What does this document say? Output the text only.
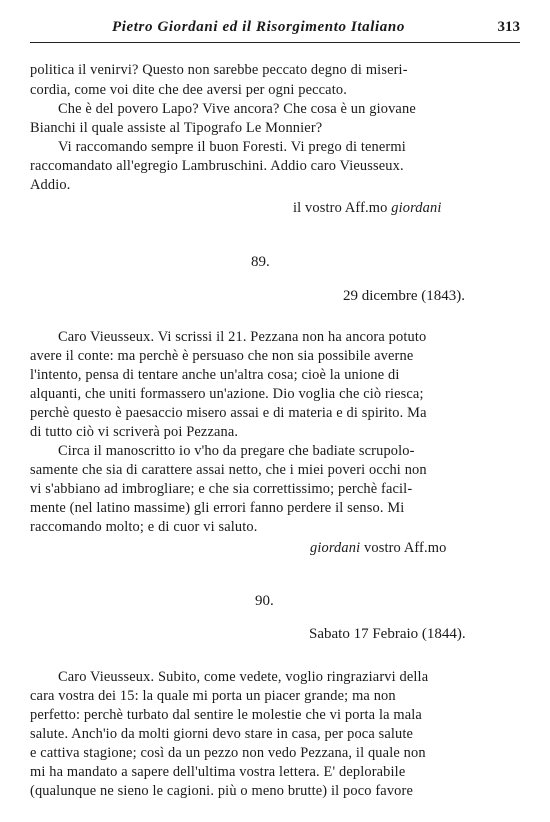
Pietro Giordani ed il Risorgimento Italiano	313
politica il venirvi? Questo non sarebbe peccato degno di miseri-
cordia, come voi dite che dee aversi per ogni peccato.
Che è del povero Lapo? Vive ancora? Che cosa è un giovane
Bianchi il quale assiste al Tipografo Le Monnier?
Vi raccomando sempre il buon Foresti. Vi prego di tenermi
raccomandato all'egregio Lambruschini. Addio caro Vieusseux.
Addio.
il vostro Aff.mo giordani
89.
29 dicembre (1843).
Caro Vieusseux. Vi scrissi il 21. Pezzana non ha ancora potuto
avere il conte: ma perchè è persuaso che non sia possibile averne
l'intento, pensa di tentare anche un'altra cosa; cioè la unione di
alquanti, che uniti formassero un'azione. Dio voglia che ciò riesca;
perchè questo è paesaccio misero assai e di materia e di spirito. Ma
di tutto ciò vi scriverà poi Pezzana.
Circa il manoscritto io v'ho da pregare che badiate scrupolo-
samente che sia di carattere assai netto, che i miei poveri occhi non
vi s'abbiano ad imbrogliare; e che sia correttissimo; perchè facil-
mente (nel latino massime) gli errori fanno perdere il senso. Mi
raccomando molto; e di cuor vi saluto.
giordani vostro Aff.mo
90.
Sabato 17 Febraio (1844).
Caro Vieusseux. Subito, come vedete, voglio ringraziarvi della
cara vostra dei 15: la quale mi porta un piacer grande; ma non
perfetto: perchè turbato dal sentire le molestie che vi porta la mala
salute. Anch'io da molti giorni devo stare in casa, per poca salute
e cattiva stagione; così da un pezzo non vedo Pezzana, il quale non
mi ha mandato a sapere dell'ultima vostra lettera. E' deplorabile
(qualunque ne sieno le cagioni. più o meno brutte) il poco favore
